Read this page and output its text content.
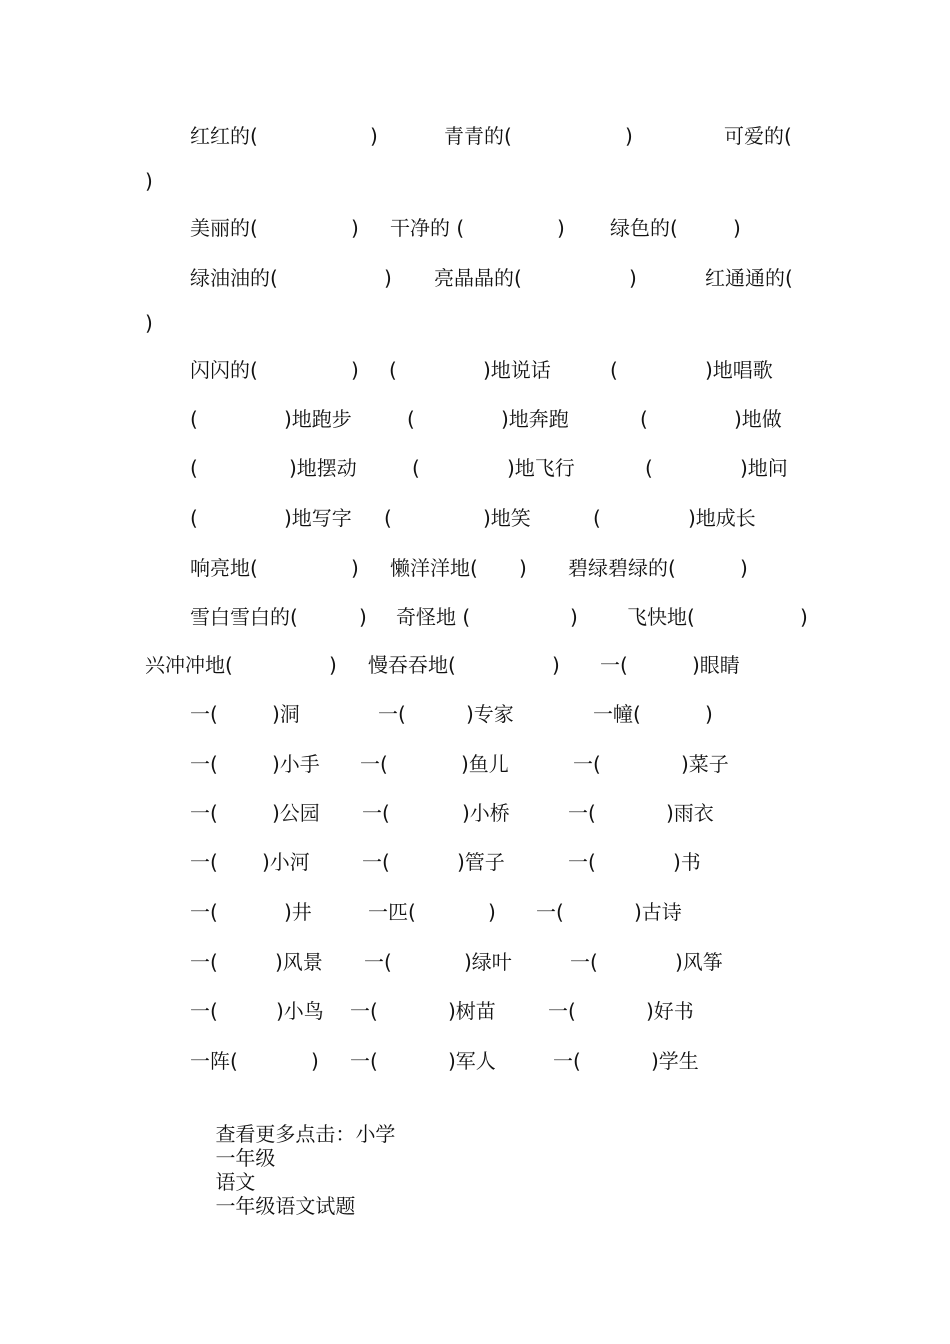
红红的(	)	青青的(	)	可爱的(
)
美丽的(	) 干净的 (	) 绿色的(	)
绿油油的(	) 亮晶晶的(	)	红通通的(
)
闪闪的(	) (	)地说话	(	)地唱歌
(	)地跑步	(	)地奔跑	(	)地做
(	)地摆动	(	)地飞行	(	)地问
(	)地写字 (	)地笑	(	)地成长
响亮地(	) 懒洋洋地( ) 碧绿碧绿的(	)
雪白雪白的(	) 奇怪地 (	) 飞快地(	)
兴冲冲地(	) 慢吞吞地(	) 一(	)眼睛
一(	)洞	一(	)专家	一幢(	)
一(	)小手 一(	)鱼儿	一(	)菜子
一(	)公园 一(	)小桥	一(	)雨衣
一( )小河	一(	)管子	一(	)书
一(	)井	一匹(	) 一(	)古诗
一(	)风景 一(	)绿叶	一(	)风筝
一(	)小鸟 一(	)树苗	一(	)好书
一阵(	) 一(	)军人	一(	)学生

查看更多点击：小学
一年级
语文
一年级语文试题
